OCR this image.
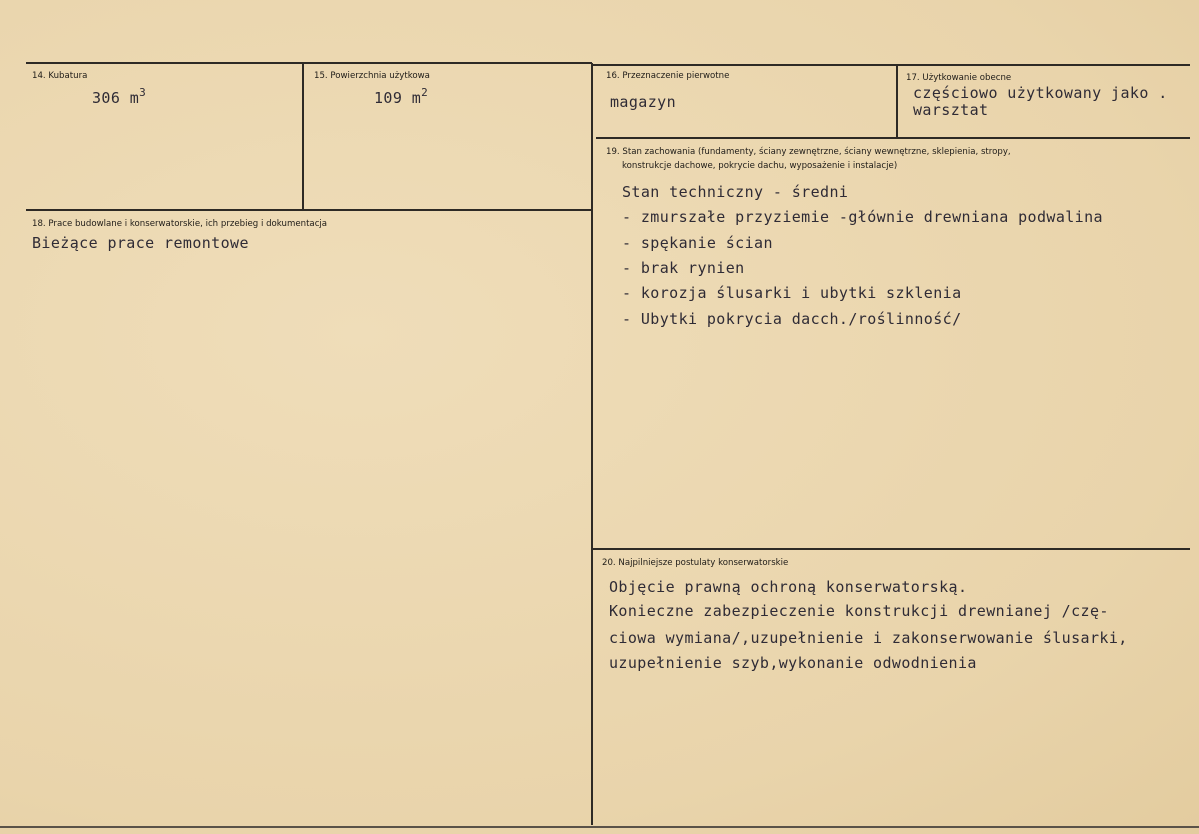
14. Kubatura
306 $m^3$
15. Powierzchnia użytkowa
109 $m^2$
16. Przeznaczenie pierwotne
magazyn
17. Użytkowanie obecne
częściowo użytkowany jako .
warsztat
18. Prace budowlane i konserwatorskie, ich przebieg i dokumentacja
Bieżące prace remontowe
19. Stan zachowania (fundamenty, ściany zewnętrzne, ściany wewnętrzne, sklepienia, stropy,
konstrukcje dachowe, pokrycie dachu, wyposażenie i instalacje)
Stan techniczny - średni
- zmurszałe przyziemie -głównie drewniana podwalina
- spękanie ścian
- brak rynien
- korozja ślusarki i ubytki szklenia
- Ubytki pokrycia dacch./roślinność/
20. Najpilniejsze postulaty konserwatorskie
Objęcie prawną ochroną konserwatorską.
Konieczne zabezpieczenie konstrukcji drewnianej /czę-
ciowa wymiana/,uzupełnienie i zakonserwowanie ślusarki,
uzupełnienie szyb,wykonanie odwodnienia
